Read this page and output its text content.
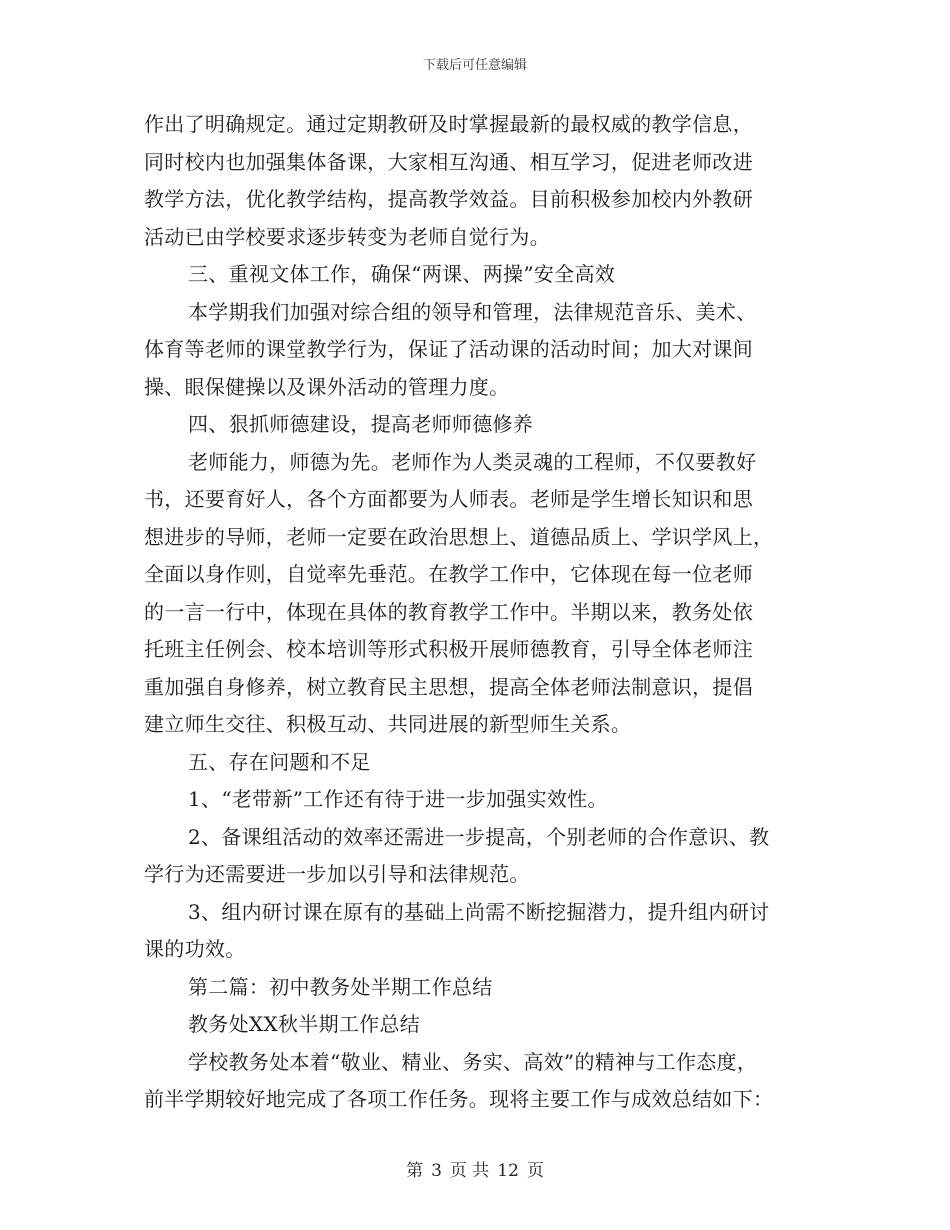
下载后可任意编辑
作出了明确规定。通过定期教研及时掌握最新的最权威的教学信息，
同时校内也加强集体备课，大家相互沟通、相互学习，促进老师改进
教学方法，优化教学结构，提高教学效益。目前积极参加校内外教研
活动已由学校要求逐步转变为老师自觉行为。
三、重视文体工作，确保“两课、两操”安全高效
本学期我们加强对综合组的领导和管理，法律规范音乐、美术、
体育等老师的课堂教学行为，保证了活动课的活动时间；加大对课间
操、眼保健操以及课外活动的管理力度。
四、狠抓师德建设，提高老师师德修养
老师能力，师德为先。老师作为人类灵魂的工程师，不仅要教好
书，还要育好人，各个方面都要为人师表。老师是学生增长知识和思
想进步的导师，老师一定要在政治思想上、道德品质上、学识学风上，
全面以身作则，自觉率先垂范。在教学工作中，它体现在每一位老师
的一言一行中，体现在具体的教育教学工作中。半期以来，教务处依
托班主任例会、校本培训等形式积极开展师德教育，引导全体老师注
重加强自身修养，树立教育民主思想，提高全体老师法制意识，提倡
建立师生交往、积极互动、共同进展的新型师生关系。
五、存在问题和不足
1、“老带新”工作还有待于进一步加强实效性。
2、备课组活动的效率还需进一步提高，个别老师的合作意识、教
学行为还需要进一步加以引导和法律规范。
3、组内研讨课在原有的基础上尚需不断挖掘潜力，提升组内研讨
课的功效。
第二篇：初中教务处半期工作总结
教务处XX秋半期工作总结
学校教务处本着“敬业、精业、务实、高效”的精神与工作态度，
前半学期较好地完成了各项工作任务。现将主要工作与成效总结如下：
第 3 页 共 12 页
